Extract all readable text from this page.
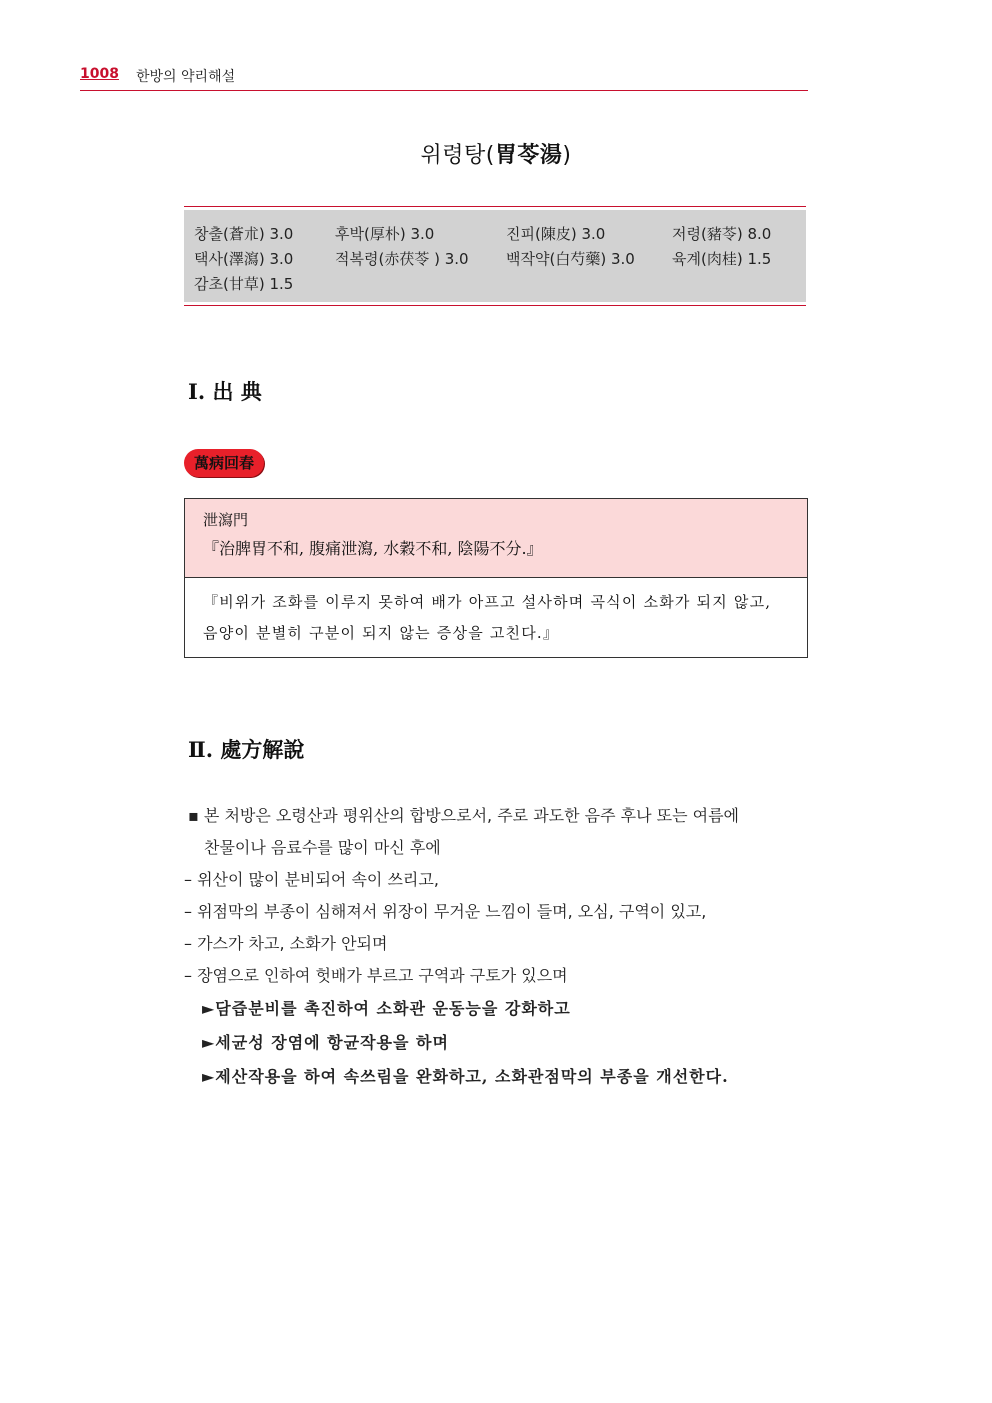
1008 한방의 약리해설
위령탕(胃苓湯)
창출(蒼朮) 3.0	후박(厚朴) 3.0	진피(陳皮) 3.0	저령(豬苓) 8.0
택사(澤瀉) 3.0	적복령(赤茯苓 ) 3.0 백작약(白芍藥) 3.0 육계(肉桂) 1.5
감초(甘草) 1.5
Ⅰ. 出 典
萬病回春
泄瀉門
『治脾胃不和, 腹痛泄瀉, 水穀不和, 陰陽不分.』
『비위가 조화를 이루지 못하여 배가 아프고 설사하며 곡식이 소화가 되지 않고, 음양이 분별히 구분이 되지 않는 증상을 고친다.』
Ⅱ. 處方解說
▪ 본 처방은 오령산과 평위산의 합방으로서, 주로 과도한 음주 후나 또는 여름에
찬물이나 음료수를 많이 마신 후에
– 위산이 많이 분비되어 속이 쓰리고,
– 위점막의 부종이 심해져서 위장이 무거운 느낌이 들며, 오심, 구역이 있고,
– 가스가 차고, 소화가 안되며
– 장염으로 인하여 헛배가 부르고 구역과 구토가 있으며
►담즙분비를 촉진하여 소화관 운동능을 강화하고
►세균성 장염에 항균작용을 하며
►제산작용을 하여 속쓰림을 완화하고, 소화관점막의 부종을 개선한다.
